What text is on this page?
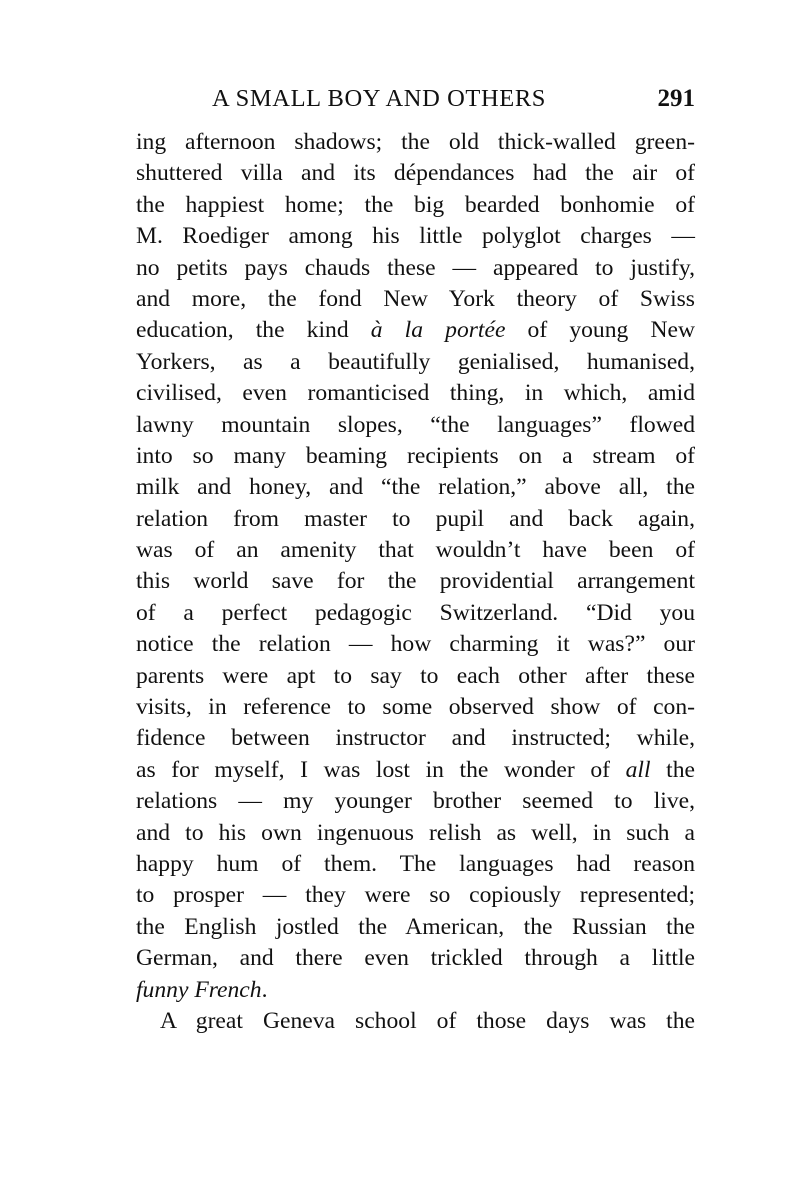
A SMALL BOY AND OTHERS	291
ing afternoon shadows; the old thick-walled green-
shuttered villa and its dépendances had the air of
the happiest home; the big bearded bonhomie of
M. Roediger among his little polyglot charges —
no petits pays chauds these — appeared to justify,
and more, the fond New York theory of Swiss
education, the kind à la portée of young New
Yorkers, as a beautifully genialised, humanised,
civilised, even romanticised thing, in which, amid
lawny mountain slopes, “the languages” flowed
into so many beaming recipients on a stream of
milk and honey, and “the relation,” above all, the
relation from master to pupil and back again,
was of an amenity that wouldn’t have been of
this world save for the providential arrangement
of a perfect pedagogic Switzerland. “Did you
notice the relation — how charming it was?” our
parents were apt to say to each other after these
visits, in reference to some observed show of con-
fidence between instructor and instructed; while,
as for myself, I was lost in the wonder of all the
relations — my younger brother seemed to live,
and to his own ingenuous relish as well, in such a
happy hum of them. The languages had reason
to prosper — they were so copiously represented;
the English jostled the American, the Russian the
German, and there even trickled through a little
funny French.
A great Geneva school of those days was the
